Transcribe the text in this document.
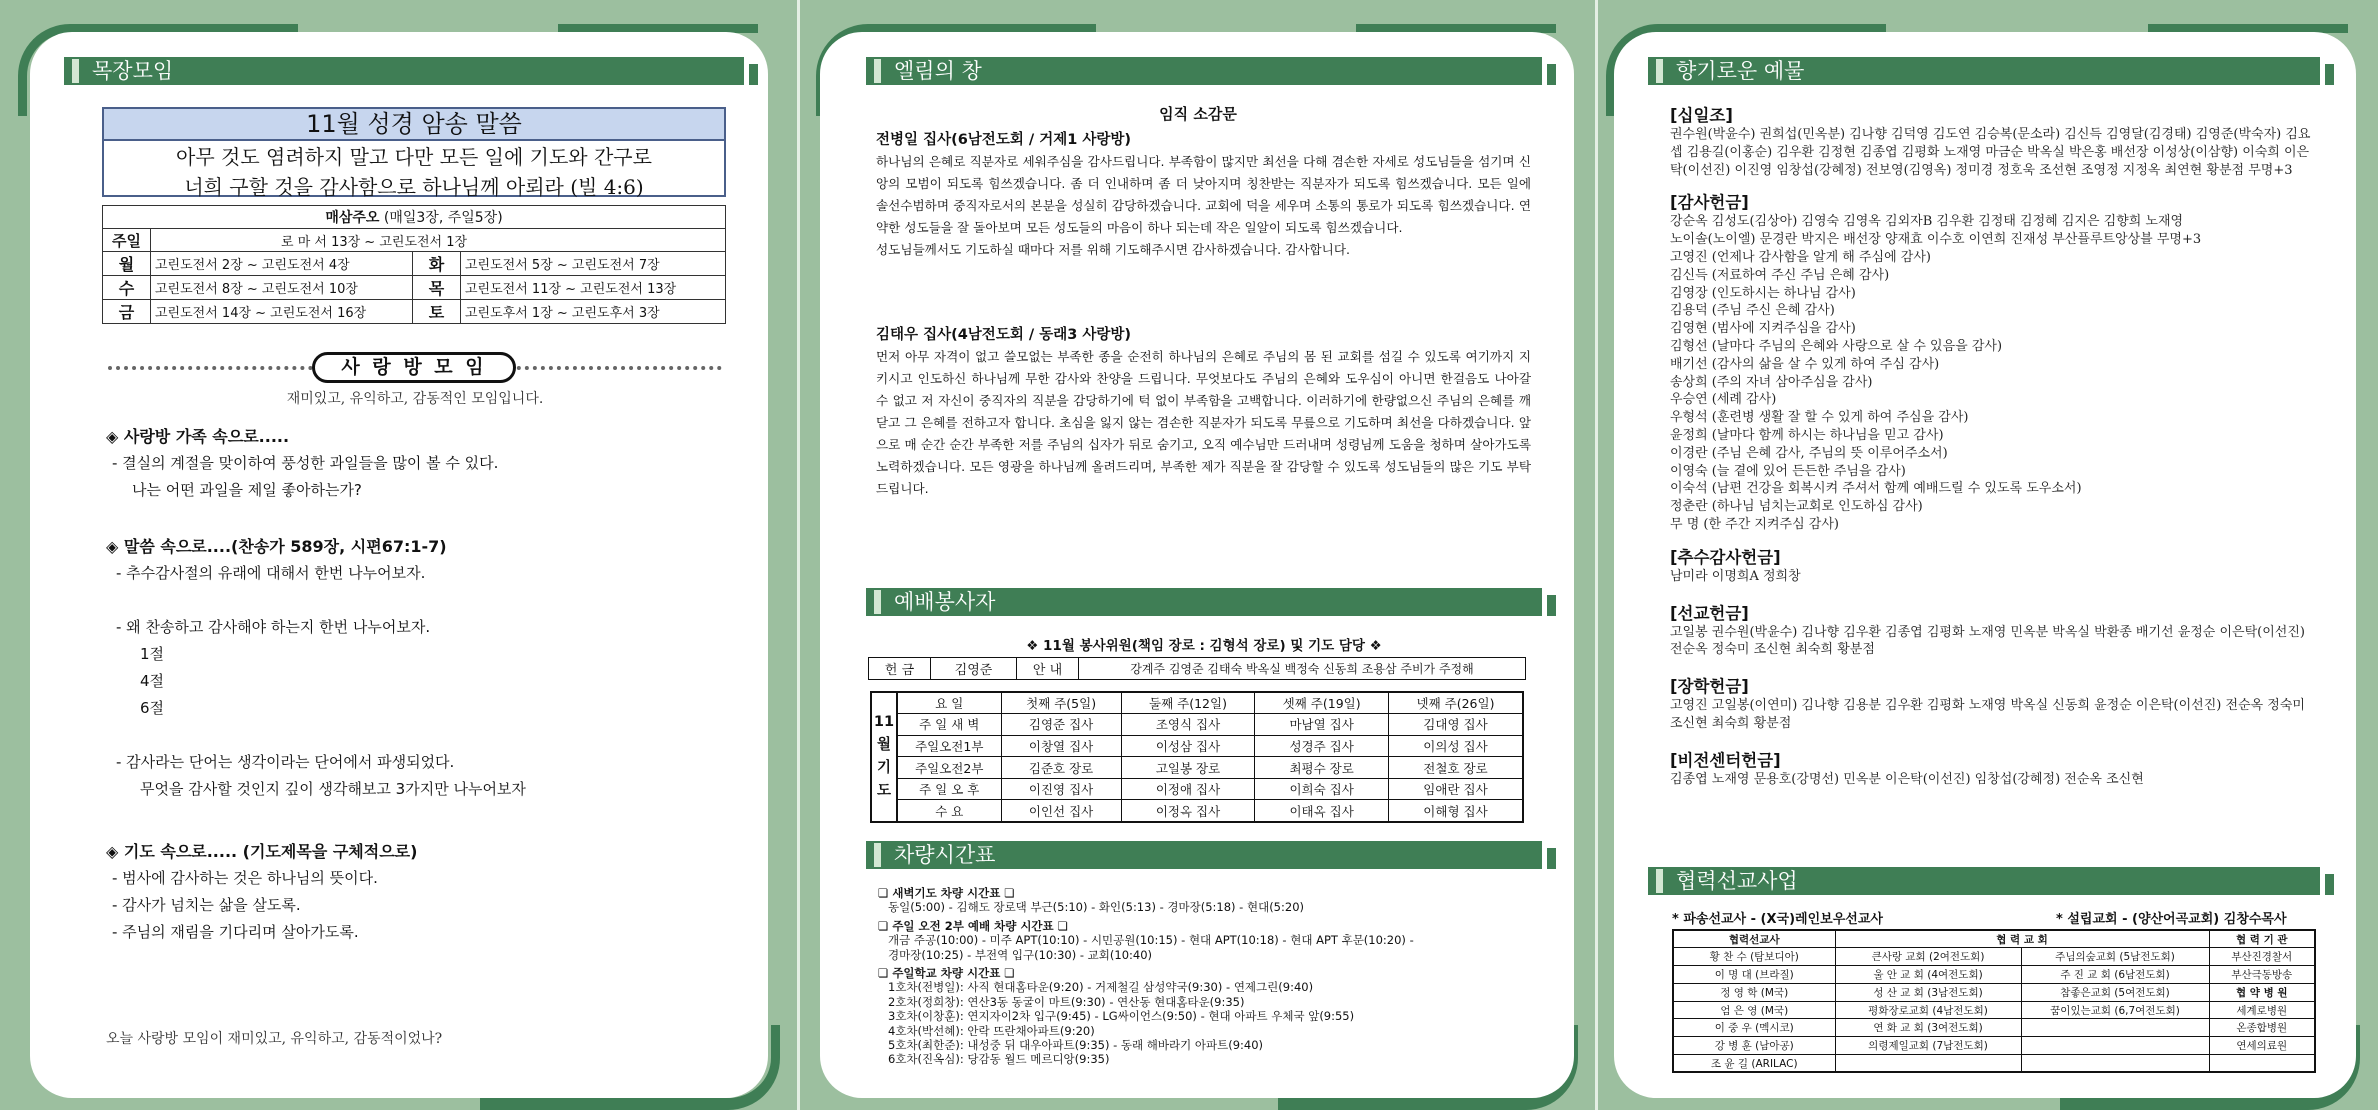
목장모임
11월 성경 암송 말씀
아무 것도 염려하지 말고 다만 모든 일에 기도와 간구로
너희 구할 것을 감사함으로 하나님께 아뢰라 (빌 4:6)
매삼주오 (매일3장, 주일5장)			
주일	로 마 서 13장 ~ 고린도전서 1장		
월	고린도전서 2장 ~ 고린도전서 4장	화	고린도전서 5장 ~ 고린도전서 7장
수	고린도전서 8장 ~ 고린도전서 10장	목	고린도전서 11장 ~ 고린도전서 13장
금	고린도전서 14장 ~ 고린도전서 16장	토	고린도후서 1장 ~ 고린도후서 3장
사 랑 방 모 임
재미있고, 유익하고, 감동적인 모임입니다.
◈ 사랑방 가족 속으로.....
- 결실의 계절을 맞이하여 풍성한 과일들을 많이 볼 수 있다.
나는 어떤 과일을 제일 좋아하는가?
◈ 말씀 속으로....(찬송가 589장, 시편67:1-7)
- 추수감사절의 유래에 대해서 한번 나누어보자.
- 왜 찬송하고 감사해야 하는지 한번 나누어보자.
1절
4절
6절
- 감사라는 단어는 생각이라는 단어에서 파생되었다.
무엇을 감사할 것인지 깊이 생각해보고 3가지만 나누어보자
◈ 기도 속으로..... (기도제목을 구체적으로)
- 범사에 감사하는 것은 하나님의 뜻이다.
- 감사가 넘치는 삶을 살도록.
- 주님의 재림을 기다리며 살아가도록.
오늘 사랑방 모임이 재미있고, 유익하고, 감동적이었나?
엘림의 창
임직 소감문
전병일 집사(6남전도회 / 거제1 사랑방)
하나님의 은혜로 직분자로 세워주심을 감사드립니다. 부족함이 많지만 최선을 다해 겸손한 자세로 성도님들을 섬기며 신앙의 모범이 되도록 힘쓰겠습니다. 좀 더 인내하며 좀 더 낮아지며 칭찬받는 직분자가 되도록 힘쓰겠습니다. 모든 일에 솔선수범하며 중직자로서의 본분을 성실히 감당하겠습니다. 교회에 덕을 세우며 소통의 통로가 되도록 힘쓰겠습니다. 연약한 성도들을 잘 돌아보며 모든 성도들의 마음이 하나 되는데 작은 일알이 되도록 힘쓰겠습니다.
성도님들께서도 기도하실 때마다 저를 위해 기도해주시면 감사하겠습니다. 감사합니다.
김태우 집사(4남전도회 / 동래3 사랑방)
먼저 아무 자격이 없고 쓸모없는 부족한 종을 순전히 하나님의 은혜로 주님의 몸 된 교회를 섬길 수 있도록 여기까지 지키시고 인도하신 하나님께 무한 감사와 찬양을 드립니다. 무엇보다도 주님의 은혜와 도우심이 아니면 한걸음도 나아갈 수 없고 저 자신이 중직자의 직분을 감당하기에 턱 없이 부족함을 고백합니다. 이러하기에 한량없으신 주님의 은혜를 깨닫고 그 은혜를 전하고자 합니다. 초심을 잃지 않는 겸손한 직분자가 되도록 무릎으로 기도하며 최선을 다하겠습니다. 앞으로 매 순간 순간 부족한 저를 주님의 십자가 뒤로 숨기고, 오직 예수님만 드러내며 성령님께 도움을 청하며 살아가도록 노력하겠습니다. 모든 영광을 하나님께 올려드리며, 부족한 제가 직분을 잘 감당할 수 있도록 성도님들의 많은 기도 부탁드립니다.
예배봉사자
❖ 11월 봉사위원(책임 장로 : 김형석 장로) 및 기도 담당 ❖
헌 금	김영준	안 내	강계주 김영준 김태숙 박옥실 백정숙 신동희 조용삼 주비가 주정해
11
월
기
도	요 일	첫째 주(5일)	둘째 주(12일)	셋째 주(19일)	넷째 주(26일)
	주 일 새 벽	김영준 집사	조영식 집사	마남열 집사	김대영 집사
	주일오전1부	이창열 집사	이성삼 집사	성경주 집사	이의성 집사
	주일오전2부	김준호 장로	고일봉 장로	최평수 장로	전철호 장로
	주 일 오 후	이진영 집사	이정애 집사	이희숙 집사	임애란 집사
	수 요	이인선 집사	이정옥 집사	이태옥 집사	이해형 집사
차량시간표
❏ 새벽기도 차량 시간표 ❏
동일(5:00) - 김해도 장로댁 부근(5:10) - 화인(5:13) - 경마장(5:18) - 현대(5:20)
❏ 주일 오전 2부 예배 차량 시간표 ❏
개금 주공(10:00) - 미주 APT(10:10) - 시민공원(10:15) - 현대 APT(10:18) - 현대 APT 후문(10:20) -
경마장(10:25) - 부전역 입구(10:30) - 교회(10:40)
❏ 주일학교 차량 시간표 ❏
1호차(전병일): 사직 현대홈타운(9:20) - 거제철길 삼성약국(9:30) - 연제그린(9:40)
2호차(정희창): 연산3동 동굴이 마트(9:30) - 연산동 현대홈타운(9:35)
3호차(이창훈): 연지자이2차 입구(9:45) - LG싸이언스(9:50) - 현대 아파트 우체국 앞(9:55)
4호차(박선혜): 안락 뜨란채아파트(9:20)
5호차(최한준): 내성중 뒤 대우아파트(9:35) - 동래 해바라기 아파트(9:40)
6호차(진옥심): 당감동 월드 메르디앙(9:35)
향기로운 예물
[십일조]
권수원(박윤수) 권희섭(민옥분) 김나향 김덕영 김도연 김승복(문소라) 김신득 김영달(김경태) 김영준(박숙자) 김요셉 김용길(이홍순) 김우환 김정현 김종엽 김평화 노재영 마금순 박옥실 박은홍 배선장 이성상(이삼향) 이숙희 이은탁(이선진) 이진영 임창섭(강혜정) 전보영(김영옥) 정미경 정호욱 조선현 조영정 지정옥 최연현 황분점 무명+3
[감사헌금]
강순옥 김성도(김상아) 김영숙 김영옥 김외자B 김우환 김정태 김정혜 김지은 김향희 노재영
노이솔(노이엘) 문경란 박지은 배선장 양재효 이수호 이연희 진재성 부산플루트앙상블 무명+3
고영진 (언제나 감사함을 알게 해 주심에 감사)
김신득 (저료하여 주신 주님 은혜 감사)
김영장 (인도하시는 하나님 감사)
김용덕 (주님 주신 은혜 감사)
김영현 (범사에 지켜주심을 감사)
김형선 (날마다 주님의 은혜와 사랑으로 살 수 있음을 감사)
배기선 (감사의 삶을 살 수 있게 하여 주심 감사)
송상희 (주의 자녀 삼아주심을 감사)
우승연 (세례 감사)
우형석 (훈련병 생활 잘 할 수 있게 하여 주심을 감사)
윤정희 (날마다 함께 하시는 하나님을 믿고 감사)
이경란 (주님 은혜 감사, 주님의 뜻 이루어주소서)
이영숙 (늘 곁에 있어 든든한 주님을 감사)
이숙석 (남편 건강을 회복시켜 주셔서 함께 예배드릴 수 있도록 도우소서)
정춘란 (하나님 넘치는교회로 인도하심 감사)
무 명 (한 주간 지켜주심 감사)
[추수감사헌금]
남미라 이명희A 정희창
[선교헌금]
고일봉 권수원(박윤수) 김나향 김우환 김종엽 김평화 노재영 민옥분 박옥실 박환종 배기선 윤정순 이은탁(이선진) 전순옥 정숙미 조신현 최숙희 황분점
[장학헌금]
고영진 고일봉(이연미) 김나향 김용분 김우환 김평화 노재영 박옥실 신동희 윤정순 이은탁(이선진) 전순옥 정숙미 조신현 최숙희 황분점
[비전센터헌금]
김종엽 노재영 문용호(강명선) 민옥분 이은탁(이선진) 임창섭(강혜정) 전순옥 조신현
협력선교사업
* 파송선교사 - (X국)레인보우선교사	* 설립교회 - (양산어곡교회) 김창수목사
협력선교사	협 력 교 회		협 력 기 관
황 찬 수 (탐보디아)	큰사랑 교회 (2여전도회)	주님의숲교회 (5남전도회)	부산진경찰서
이 명 대 (브라질)	울 안 교 회 (4여전도회)	주 진 교 회 (6남전도회)	부산극동방송
정 영 학 (M국)	성 산 교 회 (3남전도회)	참좋은교회 (5여전도회)	협 약 병 원
엄 은 영 (M국)	평화장로교회 (4남전도회)	꿈이있는교회 (6,7여전도회)	세계로병원
이 중 우 (멕시코)	연 화 교 회 (3여전도회)		온종합병원
강 병 훈 (남아공)	의령제일교회 (7남전도회)		연세의료원
조 윤 길 (ARILAC)			
